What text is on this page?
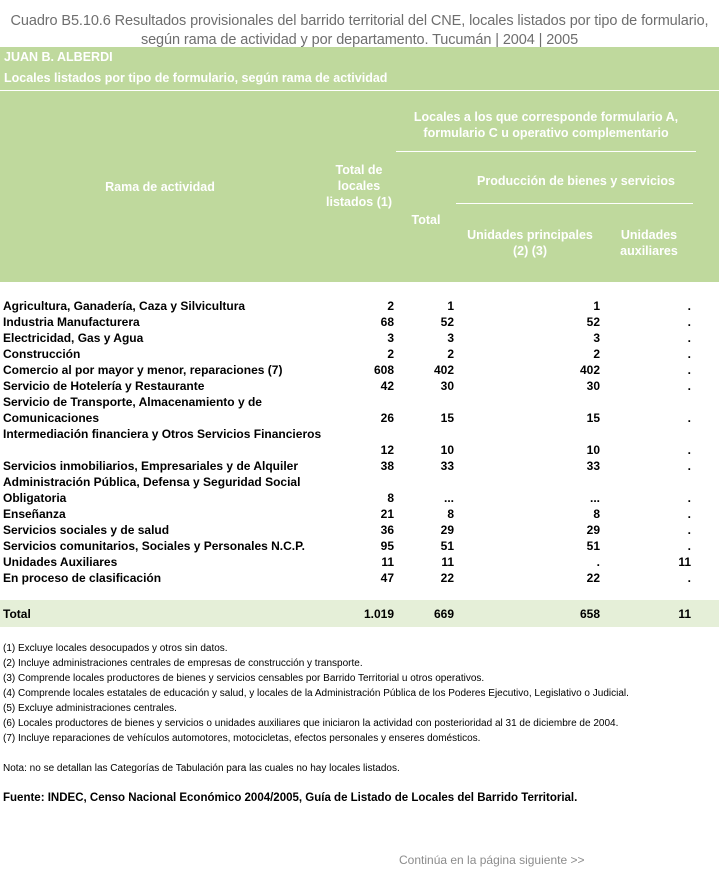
Cuadro B5.10.6 Resultados provisionales del barrido territorial del CNE, locales listados por tipo de formulario,
según rama de actividad y por departamento. Tucumán | 2004 | 2005
JUAN B. ALBERDI
Locales listados por tipo de formulario, según rama de actividad
Rama de actividad
Total de
locales
listados (1)
Locales a los que corresponde formulario A,
formulario C u operativo complementario
Total
Producción de bienes y servicios
Unidades principales
(2) (3)
Unidades
auxiliares
Agricultura, Ganadería, Caza y Silvicultura	2	1	1	.
Industria Manufacturera	68	52	52	.
Electricidad, Gas y Agua	3	3	3	.
Construcción	2	2	2	.
Comercio al por mayor y menor, reparaciones (7)	608	402	402	.
Servicio de Hotelería y Restaurante	42	30	30	.
Servicio de Transporte, Almacenamiento y de
Comunicaciones	26	15	15	.
Intermediación financiera y Otros Servicios Financieros
12	10	10	.
Servicios inmobiliarios, Empresariales y de Alquiler	38	33	33	.
Administración Pública, Defensa y Seguridad Social
Obligatoria	8	...	...	.
Enseñanza	21	8	8	.
Servicios sociales y de salud	36	29	29	.
Servicios comunitarios, Sociales y Personales N.C.P.	95	51	51	.
Unidades Auxiliares	11	11	.	11
En proceso de clasificación	47	22	22	.
Total	1.019	669	658	11
(1) Excluye locales desocupados y otros sin datos.
(2) Incluye administraciones centrales de empresas de construcción y transporte.
(3) Comprende locales productores de bienes y servicios censables por Barrido Territorial u otros operativos.
(4) Comprende locales estatales de educación y salud, y locales de la Administración Pública de los Poderes Ejecutivo, Legislativo o Judicial.
(5) Excluye administraciones centrales.
(6) Locales productores de bienes y servicios o unidades auxiliares que iniciaron la actividad con posterioridad al 31 de diciembre de 2004.
(7) Incluye reparaciones de vehículos automotores, motocicletas, efectos personales y enseres domésticos.
Nota: no se detallan las Categorías de Tabulación para las cuales no hay locales listados.
Fuente: INDEC, Censo Nacional Económico 2004/2005, Guía de Listado de Locales del Barrido Territorial.
Continúa en la página siguiente >>
